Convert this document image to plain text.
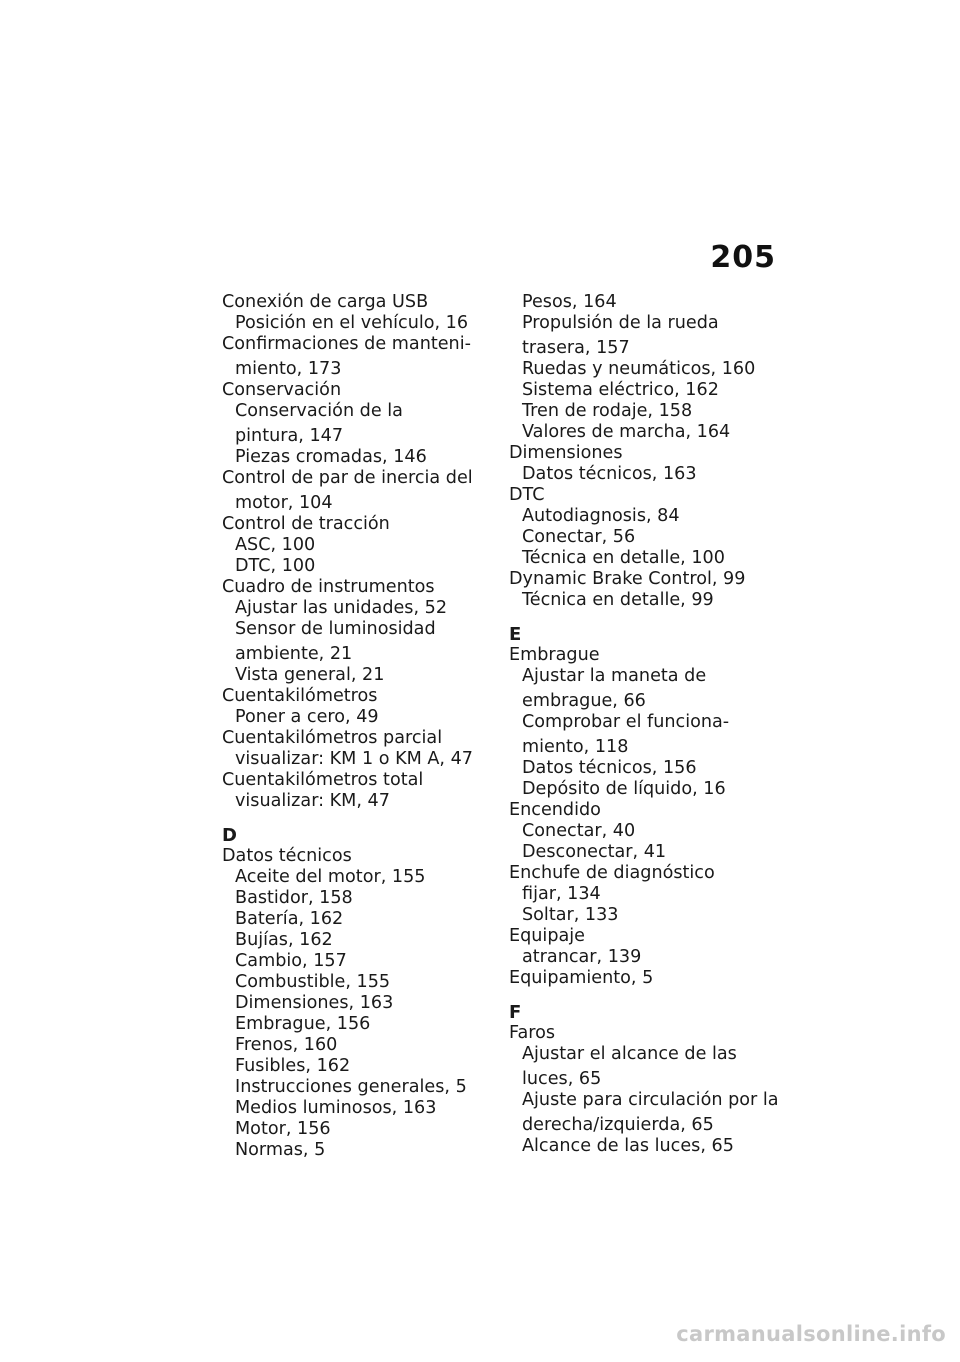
205
Conexión de carga USB
Posición en el vehículo, 16
Confirmaciones de manteni-
miento, 173
Conservación
Conservación de la
pintura, 147
Piezas cromadas, 146
Control de par de inercia del
motor, 104
Control de tracción
ASC, 100
DTC, 100
Cuadro de instrumentos
Ajustar las unidades, 52
Sensor de luminosidad
ambiente, 21
Vista general, 21
Cuentakilómetros
Poner a cero, 49
Cuentakilómetros parcial
visualizar: KM 1 o KM A, 47
Cuentakilómetros total
visualizar: KM, 47
D
Datos técnicos
Aceite del motor, 155
Bastidor, 158
Batería, 162
Bujías, 162
Cambio, 157
Combustible, 155
Dimensiones, 163
Embrague, 156
Frenos, 160
Fusibles, 162
Instrucciones generales, 5
Medios luminosos, 163
Motor, 156
Normas, 5
Pesos, 164
Propulsión de la rueda
trasera, 157
Ruedas y neumáticos, 160
Sistema eléctrico, 162
Tren de rodaje, 158
Valores de marcha, 164
Dimensiones
Datos técnicos, 163
DTC
Autodiagnosis, 84
Conectar, 56
Técnica en detalle, 100
Dynamic Brake Control, 99
Técnica en detalle, 99
E
Embrague
Ajustar la maneta de
embrague, 66
Comprobar el funciona-
miento, 118
Datos técnicos, 156
Depósito de líquido, 16
Encendido
Conectar, 40
Desconectar, 41
Enchufe de diagnóstico
fijar, 134
Soltar, 133
Equipaje
atrancar, 139
Equipamiento, 5
F
Faros
Ajustar el alcance de las
luces, 65
Ajuste para circulación por la
derecha/izquierda, 65
Alcance de las luces, 65
carmanualsonline.info
